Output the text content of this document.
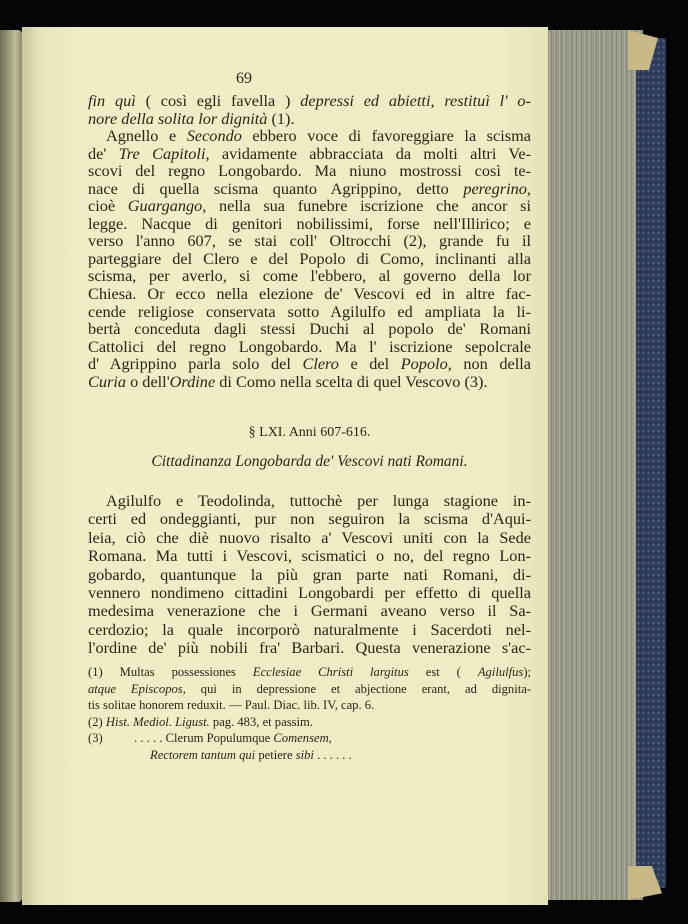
69
fin quì ( così egli favella ) depressi ed abietti, restituì l' o-
nore della solita lor dignità (1).
Agnello e Secondo ebbero voce di favoreggiare la scisma
de' Tre Capitoli, avidamente abbracciata da molti altri Ve-
scovi del regno Longobardo. Ma niuno mostrossi così te-
nace di quella scisma quanto Agrippino, detto peregrino,
cioè Guargango, nella sua funebre iscrizione che ancor si
legge. Nacque di genitori nobilissimi, forse nell'Illirico; e
verso l'anno 607, se stai coll' Oltrocchi (2), grande fu il
parteggiare del Clero e del Popolo di Como, inclinanti alla
scisma, per averlo, si come l'ebbero, al governo della lor
Chiesa. Or ecco nella elezione de' Vescovi ed in altre fac-
cende religiose conservata sotto Agilulfo ed ampliata la li-
bertà conceduta dagli stessi Duchi al popolo de' Romani
Cattolici del regno Longobardo. Ma l' iscrizione sepolcrale
d' Agrippino parla solo del Clero e del Popolo, non della
Curia o dell'Ordine di Como nella scelta di quel Vescovo (3).
§ LXI. Anni 607-616.
Cittadinanza Longobarda de' Vescovi nati Romani.
Agilulfo e Teodolinda, tuttochè per lunga stagione in-
certi ed ondeggianti, pur non seguiron la scisma d'Aqui-
leia, ciò che diè nuovo risalto a' Vescovi uniti con la Sede
Romana. Ma tutti i Vescovi, scismatici o no, del regno Lon-
gobardo, quantunque la più gran parte nati Romani, di-
vennero nondimeno cittadini Longobardi per effetto di quella
medesima venerazione che i Germani aveano verso il Sa-
cerdozio; la quale incorporò naturalmente i Sacerdoti nel-
l'ordine de' più nobili fra' Barbari. Questa venerazione s'ac-
(1) Multas possessiones Ecclesiae Christi largitus est ( Agilulfus);
atque Episcopos, qui in depressione et abjectione erant, ad dignita-
tis solitae honorem reduxit. — Paul. Diac. lib. IV, cap. 6.
(2) Hist. Mediol. Ligust. pag. 483, et passim.
(3)          . . . . . Clerum Populumque Comensem,
Rectorem tantum qui petiere sibi . . . . . .
